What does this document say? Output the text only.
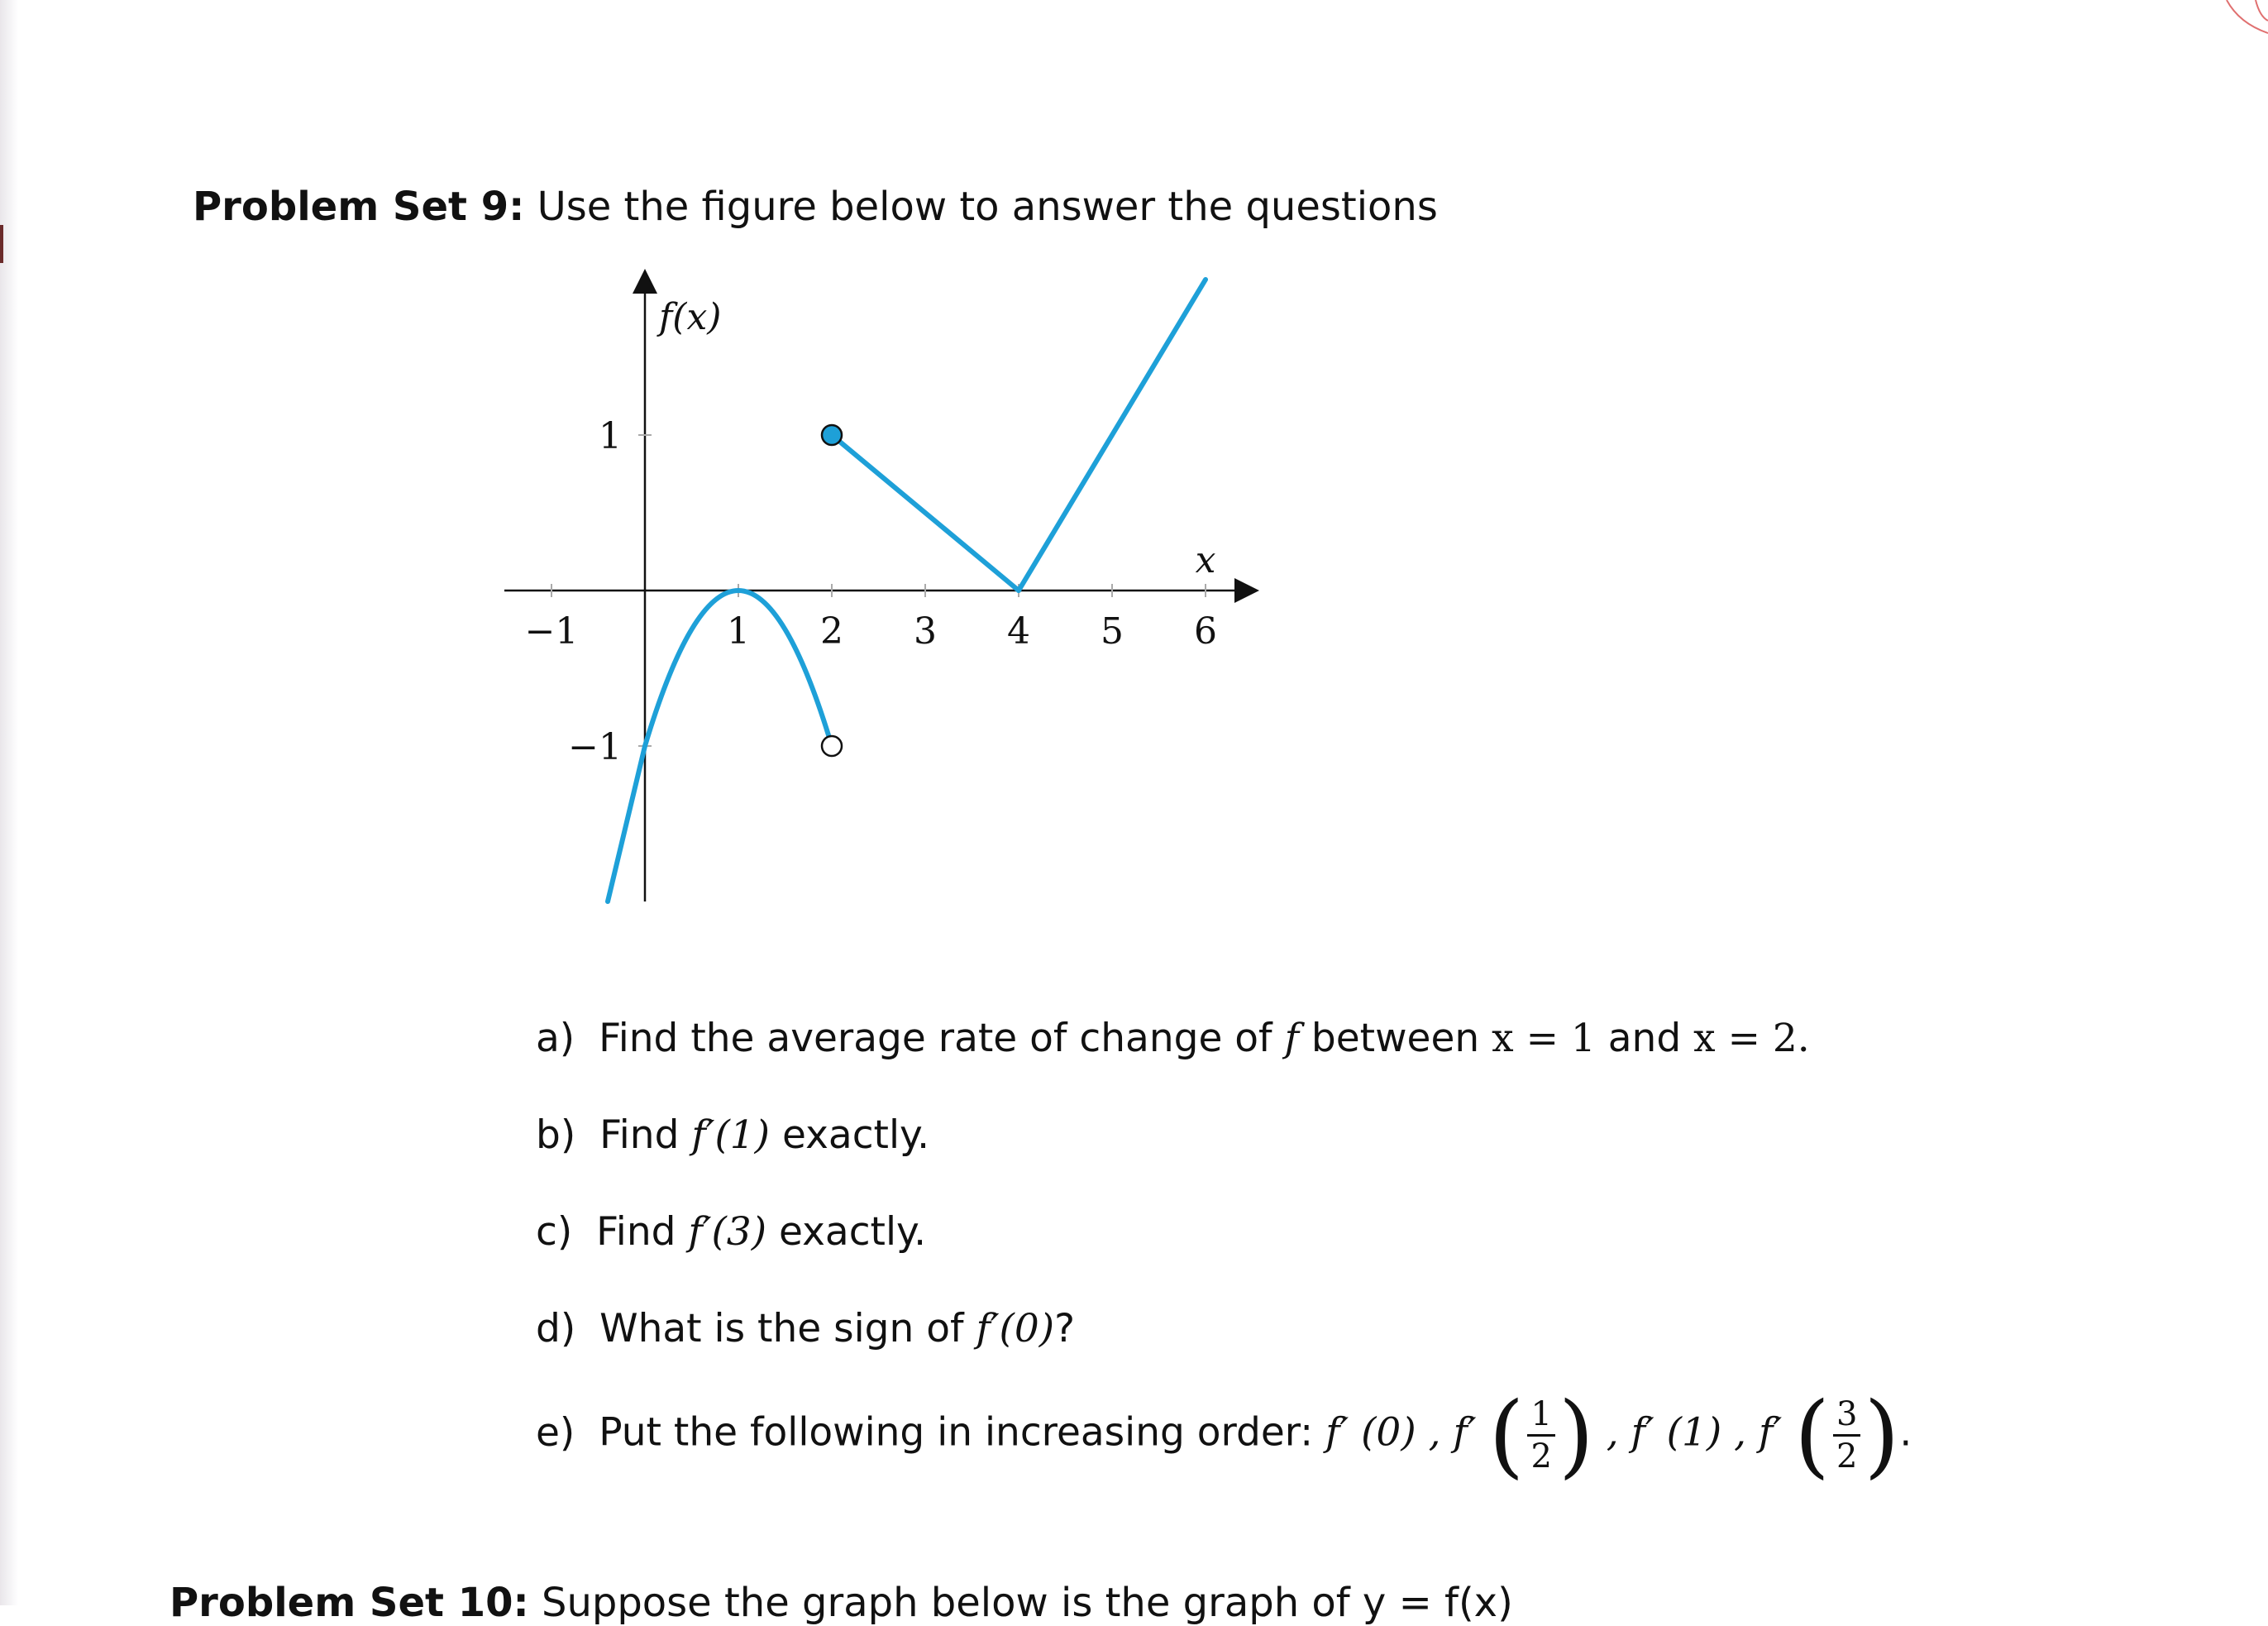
Problem Set 9: Use the figure below to answer the questions
−1	1 2 3 4 5 6
1
−1
f(x)
x
a) Find the average rate of change of f between x = 1 and x = 2.
b) Find f′(1) exactly.
c) Find f′(3) exactly.
d) What is the sign of f′(0)?
e) Put the following in increasing order: f′ (0) , f′ ( $\frac{1}{2}$ ) , f′ (1) , f′ ( $\frac{3}{2}$ ).
Problem Set 10: Suppose the graph below is the graph of y = f(x)
